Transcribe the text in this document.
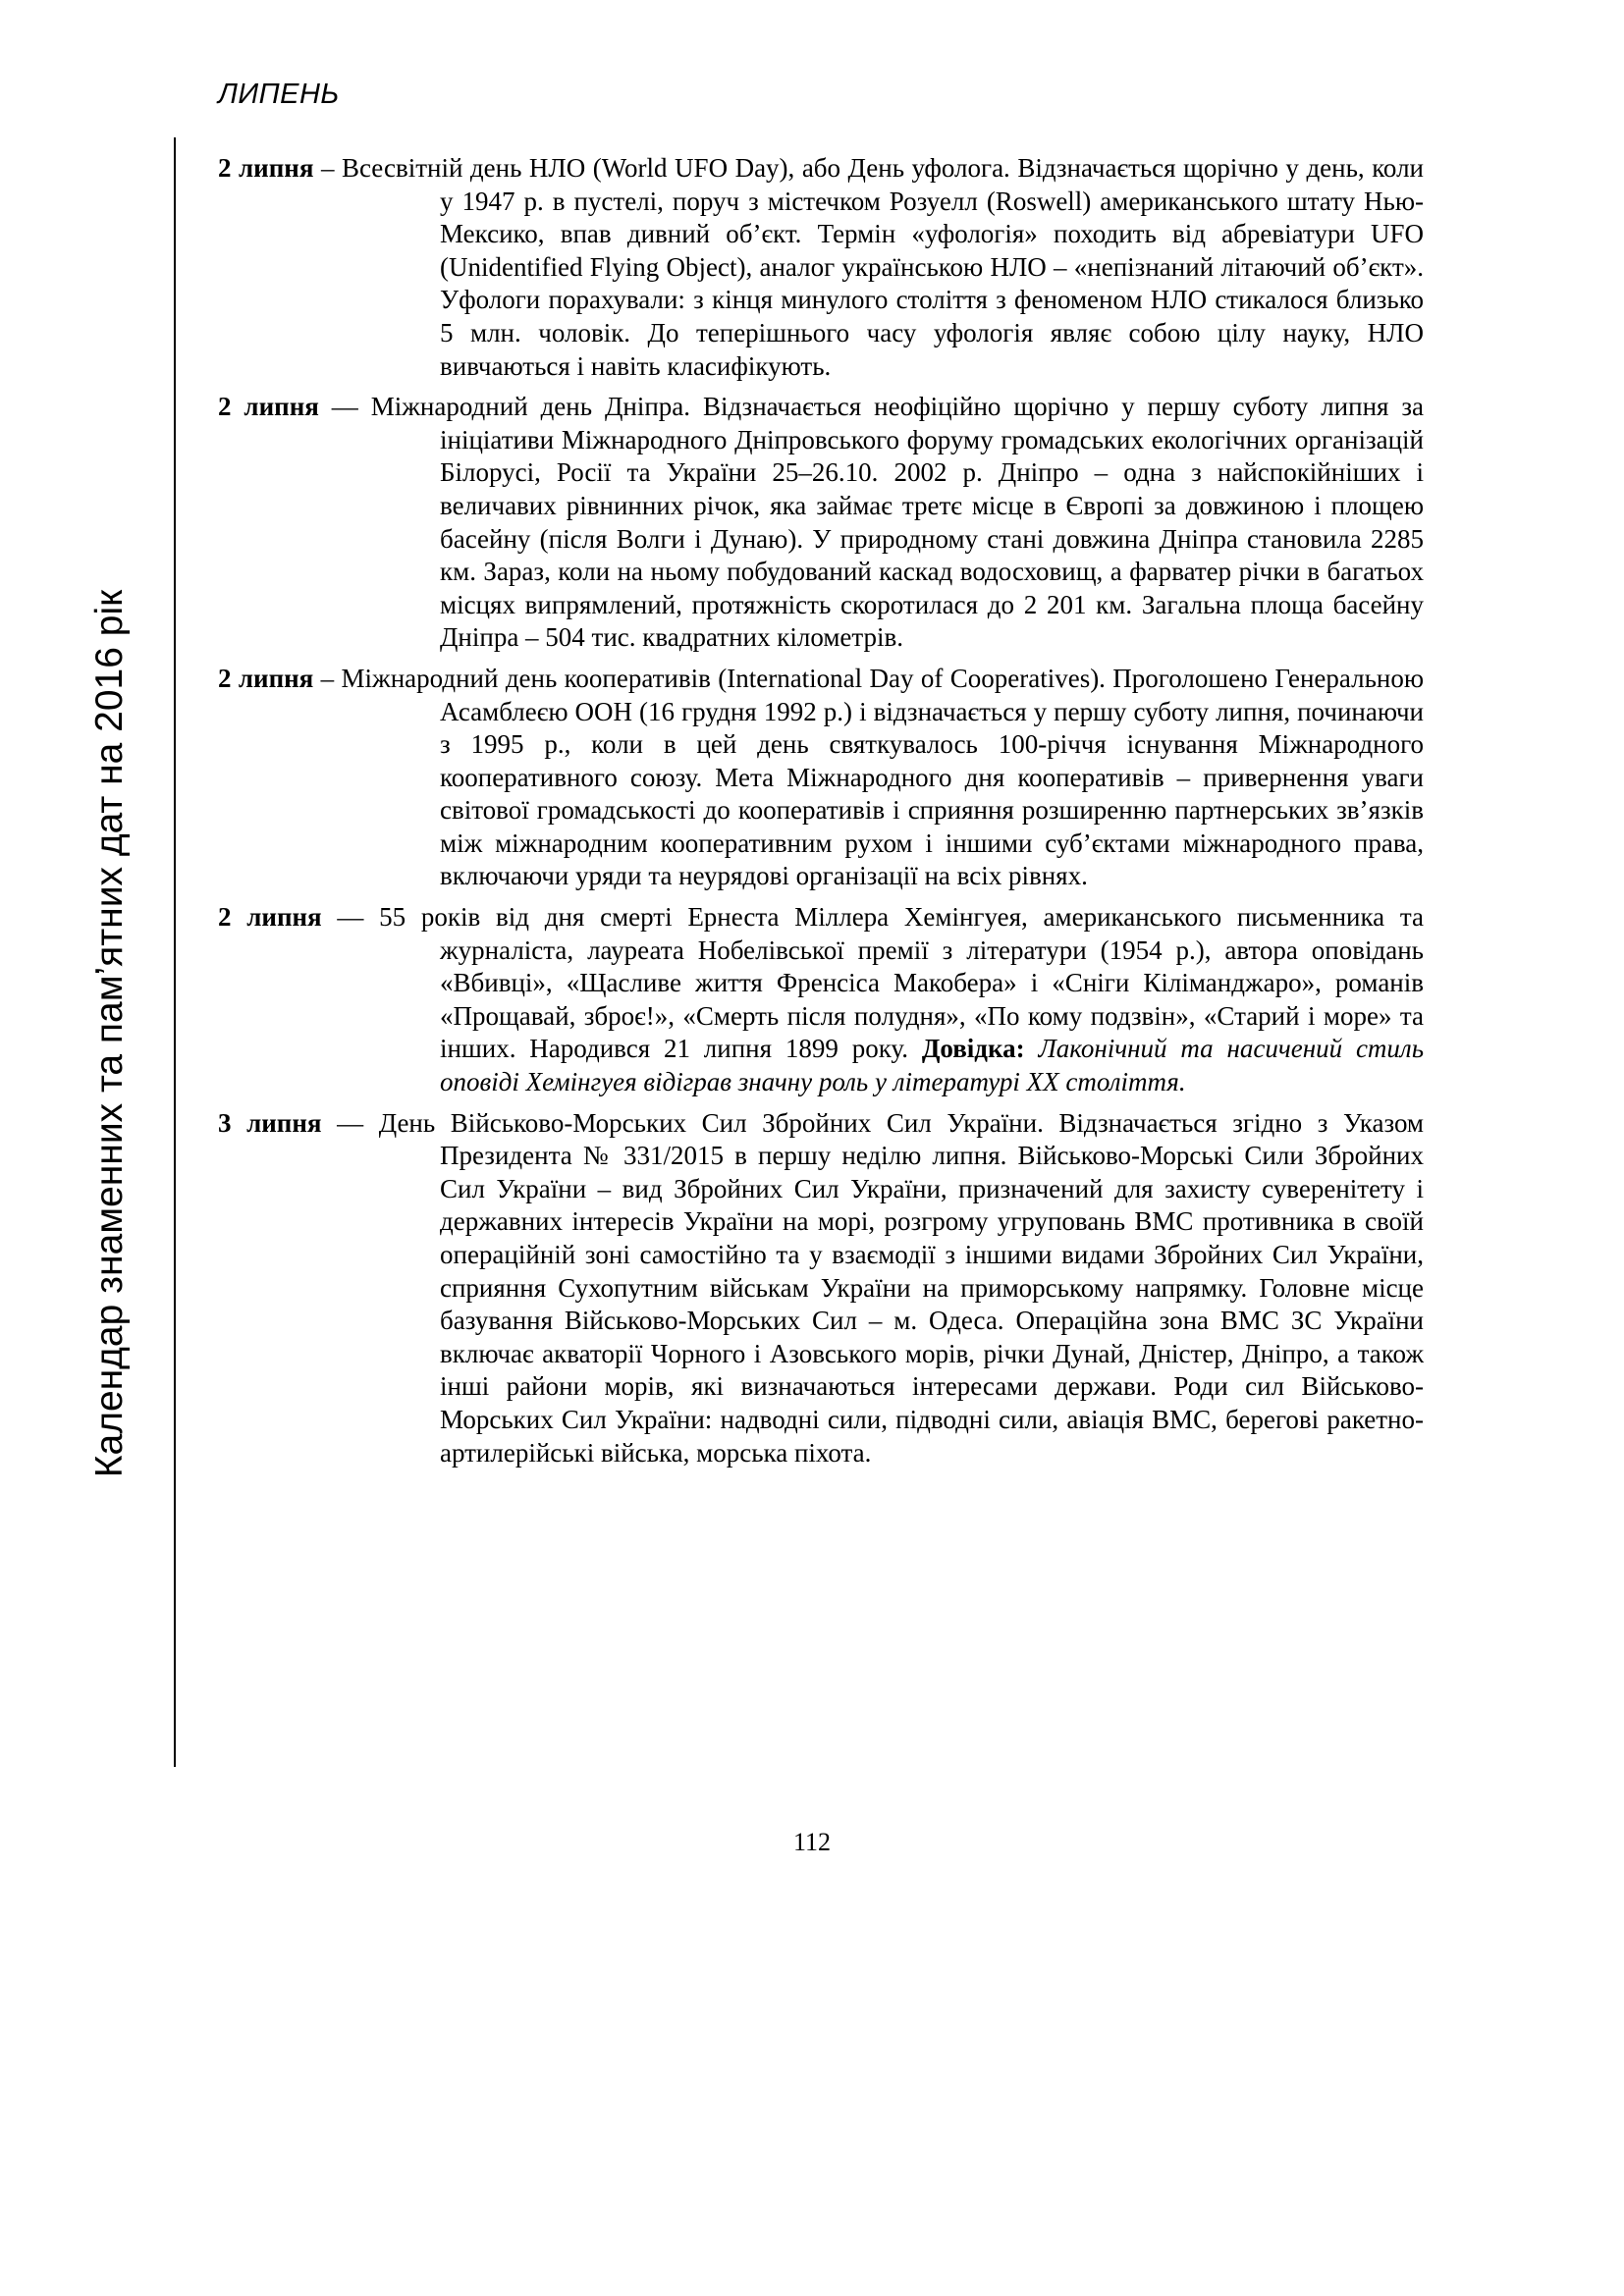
ЛИПЕНЬ
Календар знаменних та пам’ятних дат на 2016 рік

2 липня – Всесвітній день НЛО (World UFO Day), або День уфолога. Відзначається щорічно у день, коли у 1947 р. в пустелі, поруч з містечком Розуелл (Roswell) американського штату Нью-Мексико, впав дивний об’єкт. Термін «уфологія» походить від абревіатури UFO (Unidentified Flying Object), аналог українською НЛО – «непізнаний літаючий об’єкт». Уфологи порахували: з кінця минулого століття з феноменом НЛО стикалося близько 5 млн. чоловік. До теперішнього часу уфологія являє собою цілу науку, НЛО вивчаються і навіть класифікують.

2 липня — Міжнародний день Дніпра. Відзначається неофіційно щорічно у першу суботу липня за ініціативи Міжнародного Дніпровського форуму громадських екологічних організацій Білорусі, Росії та України 25–26.10. 2002 р. Дніпро – одна з найспокійніших і величавих рівнинних річок, яка займає третє місце в Європі за довжиною і площею басейну (після Волги і Дунаю). У природному стані довжина Дніпра становила 2285 км. Зараз, коли на ньому побудований каскад водосховищ, а фарватер річки в багатьох місцях випрямлений, протяжність скоротилася до 2 201 км. Загальна площа басейну Дніпра – 504 тис. квадратних кілометрів.

2 липня – Міжнародний день кооперативів (International Day of Cooperatives). Проголошено Генеральною Асамблеєю ООН (16 грудня 1992 р.) і відзначається у першу суботу липня, починаючи з 1995 р., коли в цей день святкувалось 100-річчя існування Міжнародного кооперативного союзу. Мета Міжнародного дня кооперативів – привернення уваги світової громадськості до кооперативів і сприяння розширенню партнерських зв’язків між міжнародним кооперативним рухом і іншими суб’єктами міжнародного права, включаючи уряди та неурядові організації на всіх рівнях.

2 липня — 55 років від дня смерті Ернеста Міллера Хемінгуея, американського письменника та журналіста, лауреата Нобелівської премії з літератури (1954 р.), автора оповідань «Вбивці», «Щасливе життя Френсіса Макобера» і «Сніги Кіліманджаро», романів «Прощавай, зброє!», «Смерть після полудня», «По кому подзвін», «Старий і море» та інших. Народився 21 липня 1899 року. Довідка: Лаконічний та насичений стиль оповіді Хемінгуея відіграв значну роль у літературі XX століття.

3 липня — День Військово-Морських Сил Збройних Сил України. Відзначається згідно з Указом Президента № 331/2015 в першу неділю липня. Військово-Морські Сили Збройних Сил України – вид Збройних Сил України, призначений для захисту суверенітету і державних інтересів України на морі, розгрому угруповань ВМС противника в своїй операційній зоні самостійно та у взаємодії з іншими видами Збройних Сил України, сприяння Сухопутним військам України на приморському напрямку. Головне місце базування Військово-Морських Сил – м. Одеса. Операційна зона ВМС ЗС України включає акваторії Чорного і Азовського морів, річки Дунай, Дністер, Дніпро, а також інші райони морів, які визначаються інтересами держави. Роди сил Військово-Морських Сил України: надводні сили, підводні сили, авіація ВМС, берегові ракетно-артилерійські війська, морська піхота.

112
